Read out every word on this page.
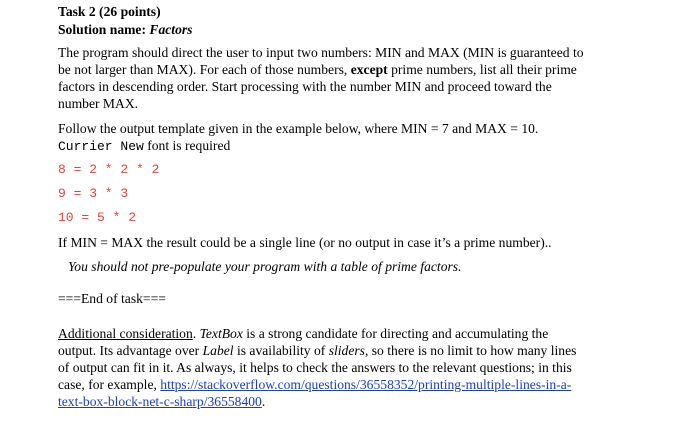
Task 2 (26 points)
Solution name: Factors
The program should direct the user to input two numbers: MIN and MAX (MIN is guaranteed to
be not larger than MAX). For each of those numbers, except prime numbers, list all their prime
factors in descending order. Start processing with the number MIN and proceed toward the
number MAX.
Follow the output template given in the example below, where MIN = 7 and MAX = 10.
Currier New font is required
8 = 2 * 2 * 2
9 = 3 * 3
10 = 5 * 2
If MIN = MAX the result could be a single line (or no output in case it’s a prime number)..
You should not pre-populate your program with a table of prime factors.
===End of task===
Additional consideration. TextBox is a strong candidate for directing and accumulating the
output. Its advantage over Label is availability of sliders, so there is no limit to how many lines
of output can fit in it. As always, it helps to check the answers to the relevant questions; in this
case, for example, https://stackoverflow.com/questions/36558352/printing-multiple-lines-in-a-
text-box-block-net-c-sharp/36558400.
